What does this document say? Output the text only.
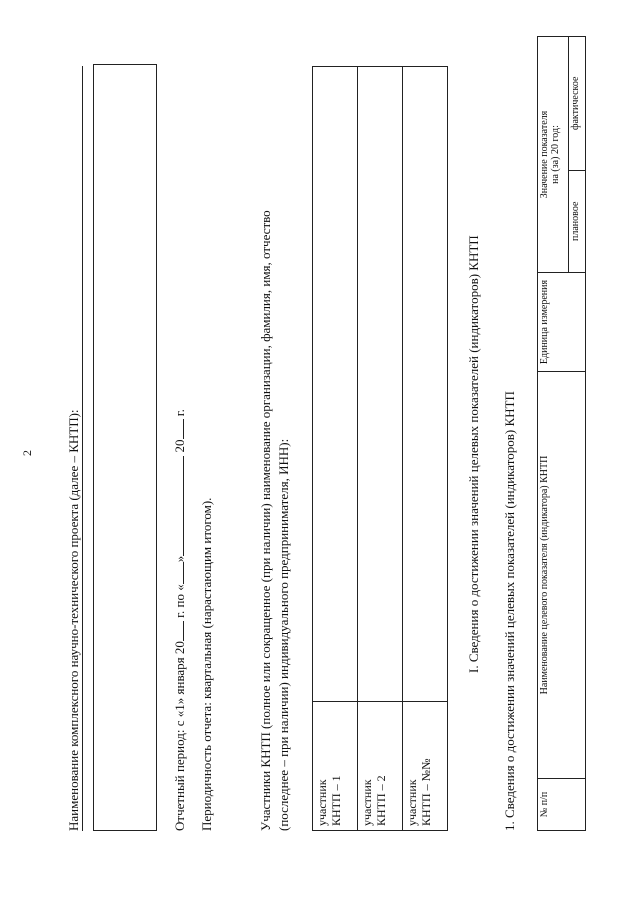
2 Наименование комплексного научно-технического проекта (далее – КНТП):	Отчетный период: с «1» января 20 г. по «» 20 г.
Периодичность отчета: квартальная (нарастающим итогом).	Участники КНТП (полное или сокращенное (при наличии) наименование организации, фамилия, имя, отчество (последнее – при наличии) индивидуального предпринимателя, ИНН): участник КНТП – 1	

участник КНТП – 2	

участник КНТП – №№	

I. Сведения о достижении значений целевых показателей (индикаторов) КНТП 1. Сведения о достижении значений целевых показателей (индикаторов) КНТП № п/п	Наименование целевого показателя (индикатора) КНТП	Единица измерения	Значение показателя на (за) 20 год:	

			плановое	фактическое
